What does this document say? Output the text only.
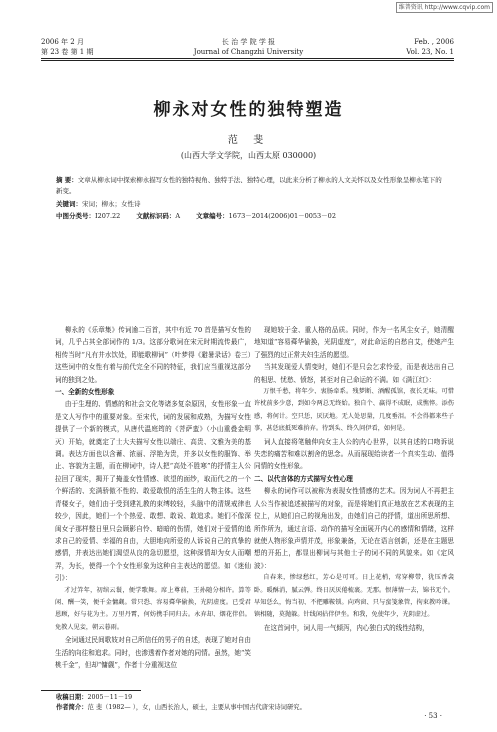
维普资讯 http://www.cqvip.com
2006 年 2 月
第 23 卷 第 1 期
长 治 学 院 学 报
Journal of Changzhi University
Feb. , 2006
Vol. 23, No. 1
柳永对女性的独特塑造
范 斐
(山西大学文学院，山西太原 030000)
摘 要：文章从柳永词中探索柳永描写女性的独特视角、独特手法、独特心理，以此来分析了柳永的人文关怀以及女性形象呈柳永笔下的新变。
关键词：宋词；柳永；女性诗
中图分类号：I207.22 文献标识码：A 文章编号：1673－2014(2006)01－0053－02

柳永的《乐章集》传词逾二百首，其中有近 70 首是描写女性的词，几乎占其全部词作的 1/3。这部分歌词在宋元时期流传最广，相传当时“凡有井水饮处，即能歌柳词”（叶梦得《避暑录话》卷三）这些词中的女性有着与前代完全不同的特征，我们应当重视这部分词的独到之处。

一、全新的女性形象

由于生理的、情感的和社会文化等诸多复杂原因，女性形象一直是文人写作中的重要对象。至宋代，词的发展和成熟，为描写女性提供了一个新的模式，从唐代温庭筠的《菩萨蛮》（小山重叠金明灭）开始，就奠定了士大夫描写女性以端庄、高贵、文雅为美的基调。表达方面也以含蓄、浓丽、浮艳为贵，并多以女性的服饰、举止、容貌为主题，而在柳词中，诗人把“高处不胜寒”的抒情主人公拉回了现实，揭开了掩盖女性情感、欲望的面纱，取而代之的一个个鲜活的、充满骄傲不性的、敢爱敢恨的活生生的人物主体。这些青楼女子，她们由于受到建礼教的束缚较轻，头脑中的清规戒律也较少，因此，她们一个个热爱、敢想、敢说、敢追求。她们不像深闺女子那样整日里只会顾影自怜、暗暗的伤情，她们对于爱情的追求自己的爱情、幸福的自由，大胆地向所爱的人诉说自己的真挚的感情，并表达出她们渴望从良的急切愿望，这种深情却为女人而嘲弄，为长，使得一个个女性形象为这种自主表达的愿望。如《迷仙引》：

才过笄年，初绾云鬟，便学歌舞。席上尊前，王孙随分相许。算等闲、酬一笑，便千金慵觑。常只恐、容易蕣华偷换，光阴虚度。已受君恩顾，好与花为主。万里丹霄，何妨携手同归去。永弃却、烟花伴侣。免教人见妾，朝云暮雨。

全词通过民间歌妓对自己所信任的男子的自述，表现了她对自由生活的向往和追求。同时，也渗透着作者对她的同情。虽然，她“笑桃千金”，但却“慵觑”，作者十分重视这位

现她较于金、重人格的品质。同时，作为一名风尘女子，她清醒地知道“容易蕣华偷换，光阴虚度”，对此命运的自愁自艾，使她产生了强烈的过正常夫妇生活的愿望。

当其发现爱人情变时，她们不是只会乞求怜爱，而是表达出自己的相思、忧愁、愤怒，甚至对自己命运的不满。如《满江红》：

万恨千愁，将年少、衷肠牵系。残梦断、酒醒孤馆，夜长无味。可惜许枕前多少意，到如今两总无终始。独自个、赢得不成眠，成憔悴。添伤感，将何计。空只恁，厌厌地。无人处思量，几度垂泪。不会得都来些子事，甚恁底抵死难拚弃。待到头、终久问伊看，如何是。

词人直接将笔触伸向女主人公的内心世界，以其自述的口吻诉说失恋的痛苦和难以割舍的思念。从而展现给读者一个真实生动、值得同情的女性形象。

二、以代言体的方式描写女性心理

柳永的词作可以被称为表现女性情感的艺术。因为词人不再把主人公当作被追述被描写的对象，而是将她们真正地放在艺术表现的主位上，从她们自己的视角出发，由她们自己的抒情，道出所思所想、所作所为，通过言语、动作的描写全面展开内心的感情和情绪，这样就使人物形象声情并茂，形象兼备，无论在语言创新，还是在主题思想的开拓上，都显出柳词与其他士子的词不同的风貌来。如《定风波》：

自春来，惨绿愁红，芳心是可可。日上花梢，莺穿柳带，犹压香衾卧。暖酥消，腻云亸。终日厌厌倦梳裹。无那。恨薄情一去，锦书无个。早知恁么，悔当初、不把雕鞍锁。向鸡窗、只与蛮笺象管，拘束教吟课。镇相随，莫抛躲。针线闲拈伴伊坐。和我，免使年少，光阴虚过。

在这首词中，词人用一气倾泻，内心独白式的线性结构，

收稿日期：2005－11－19
作者简介：范 斐（1982— ），女，山西长治人，硕士，主要从事中国古代唐宋诗词研究。
· 53 ·
